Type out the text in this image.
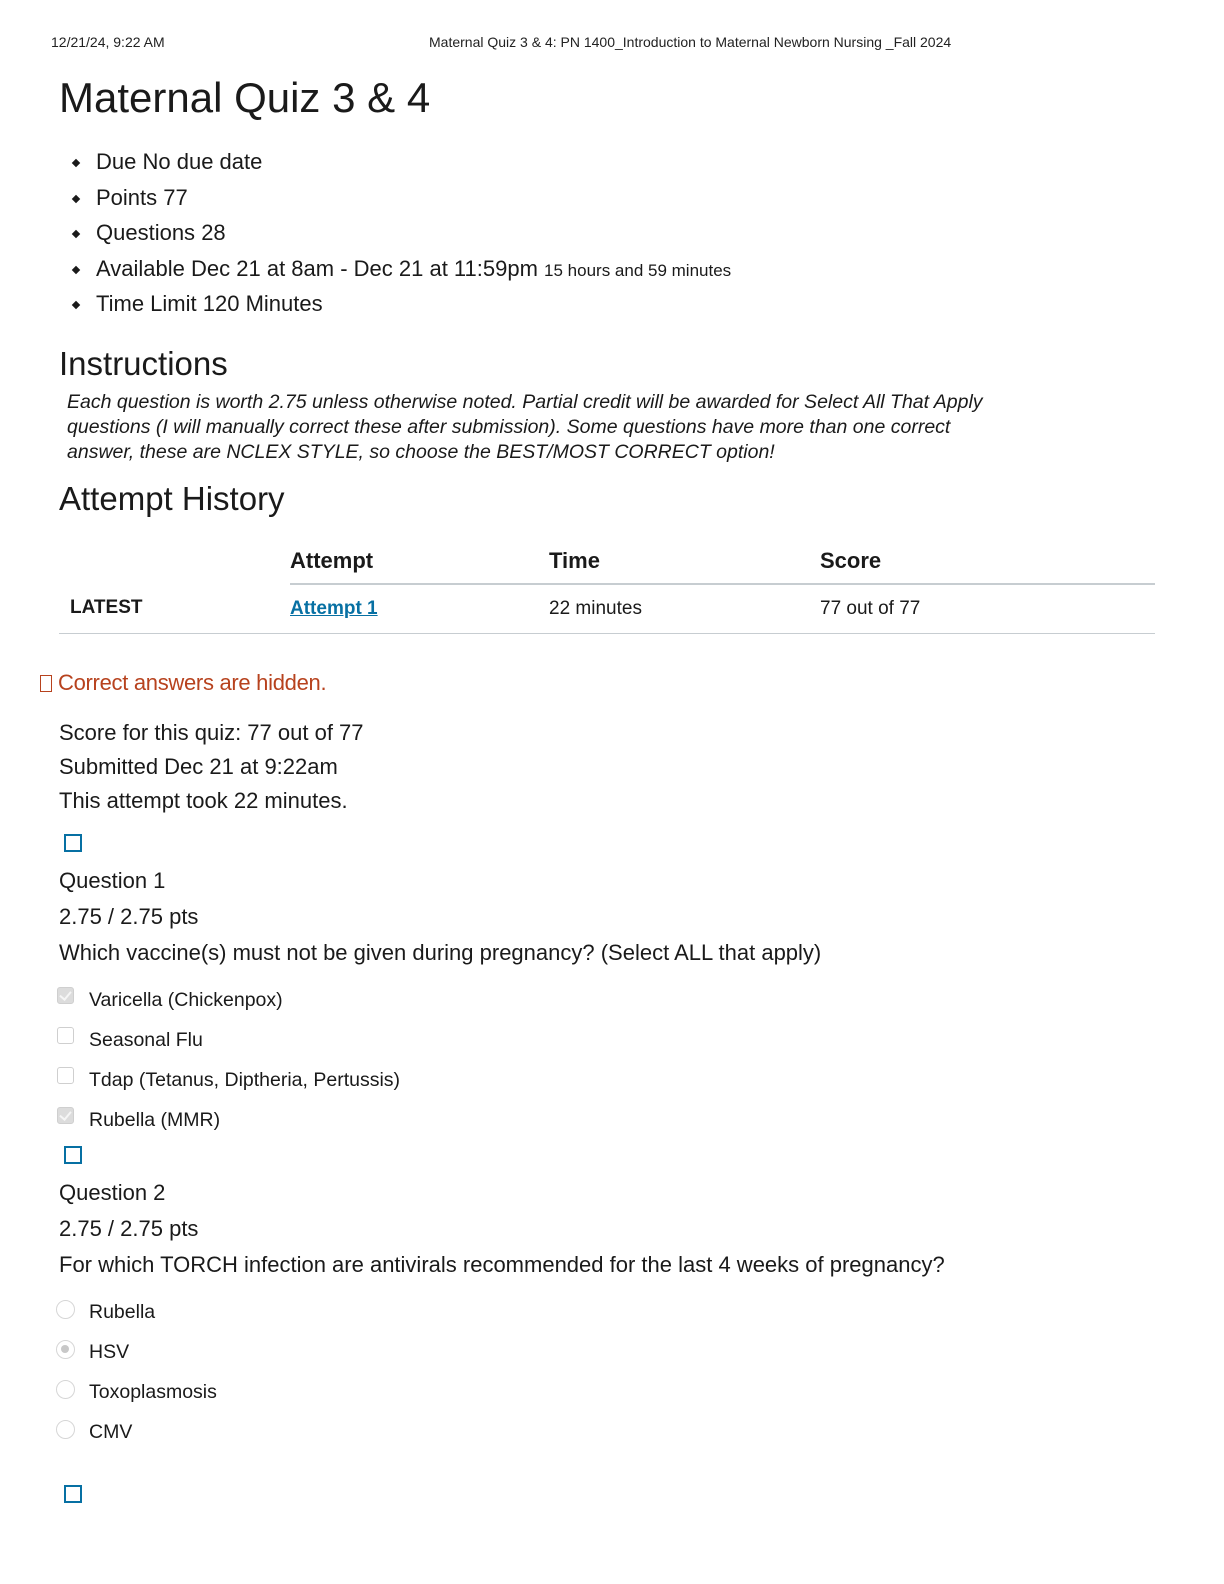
12/21/24, 9:22 AM	Maternal Quiz 3 & 4: PN 1400_Introduction to Maternal Newborn Nursing _Fall 2024
Maternal Quiz 3 & 4
Due No due date
Points 77
Questions 28
Available Dec 21 at 8am - Dec 21 at 11:59pm 15 hours and 59 minutes
Time Limit 120 Minutes
Instructions
Each question is worth 2.75 unless otherwise noted. Partial credit will be awarded for Select All That Apply questions (I will manually correct these after submission). Some questions have more than one correct answer, these are NCLEX STYLE, so choose the BEST/MOST CORRECT option!
Attempt History
	Attempt	Time	Score
LATEST	Attempt 1	22 minutes	77 out of 77
Correct answers are hidden.
Score for this quiz: 77 out of 77
Submitted Dec 21 at 9:22am
This attempt took 22 minutes.
Question 1
2.75 / 2.75 pts
Which vaccine(s) must not be given during pregnancy? (Select ALL that apply)
Varicella (Chickenpox)
Seasonal Flu
Tdap (Tetanus, Diptheria, Pertussis)
Rubella (MMR)
Question 2
2.75 / 2.75 pts
For which TORCH infection are antivirals recommended for the last 4 weeks of pregnancy?
Rubella
HSV
Toxoplasmosis
CMV
